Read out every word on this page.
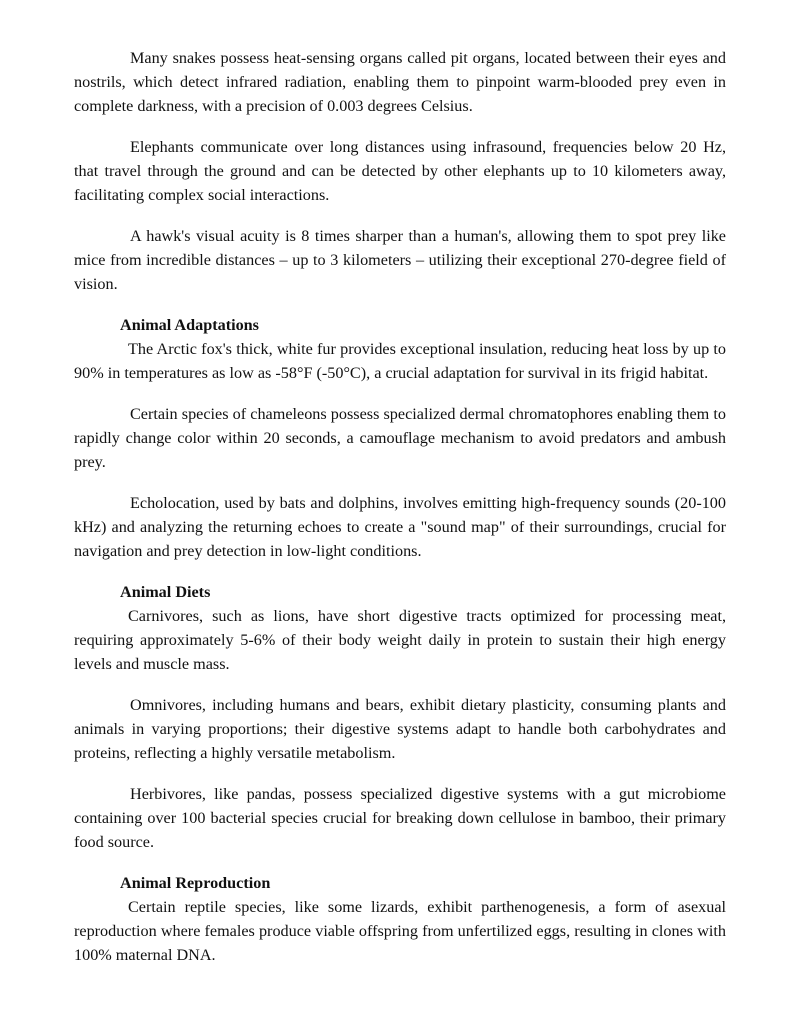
Many snakes possess heat-sensing organs called pit organs, located between their eyes and nostrils, which detect infrared radiation, enabling them to pinpoint warm-blooded prey even in complete darkness, with a precision of 0.003 degrees Celsius.

Elephants communicate over long distances using infrasound, frequencies below 20 Hz, that travel through the ground and can be detected by other elephants up to 10 kilometers away, facilitating complex social interactions.

A hawk's visual acuity is 8 times sharper than a human's, allowing them to spot prey like mice from incredible distances – up to 3 kilometers – utilizing their exceptional 270-degree field of vision.

Animal Adaptations

The Arctic fox's thick, white fur provides exceptional insulation, reducing heat loss by up to 90% in temperatures as low as -58°F (-50°C), a crucial adaptation for survival in its frigid habitat.

Certain species of chameleons possess specialized dermal chromatophores enabling them to rapidly change color within 20 seconds, a camouflage mechanism to avoid predators and ambush prey.

Echolocation, used by bats and dolphins, involves emitting high-frequency sounds (20-100 kHz) and analyzing the returning echoes to create a "sound map" of their surroundings, crucial for navigation and prey detection in low-light conditions.

Animal Diets

Carnivores, such as lions, have short digestive tracts optimized for processing meat, requiring approximately 5-6% of their body weight daily in protein to sustain their high energy levels and muscle mass.

Omnivores, including humans and bears, exhibit dietary plasticity, consuming plants and animals in varying proportions; their digestive systems adapt to handle both carbohydrates and proteins, reflecting a highly versatile metabolism.

Herbivores, like pandas, possess specialized digestive systems with a gut microbiome containing over 100 bacterial species crucial for breaking down cellulose in bamboo, their primary food source.

Animal Reproduction

Certain reptile species, like some lizards, exhibit parthenogenesis, a form of asexual reproduction where females produce viable offspring from unfertilized eggs, resulting in clones with 100% maternal DNA.
